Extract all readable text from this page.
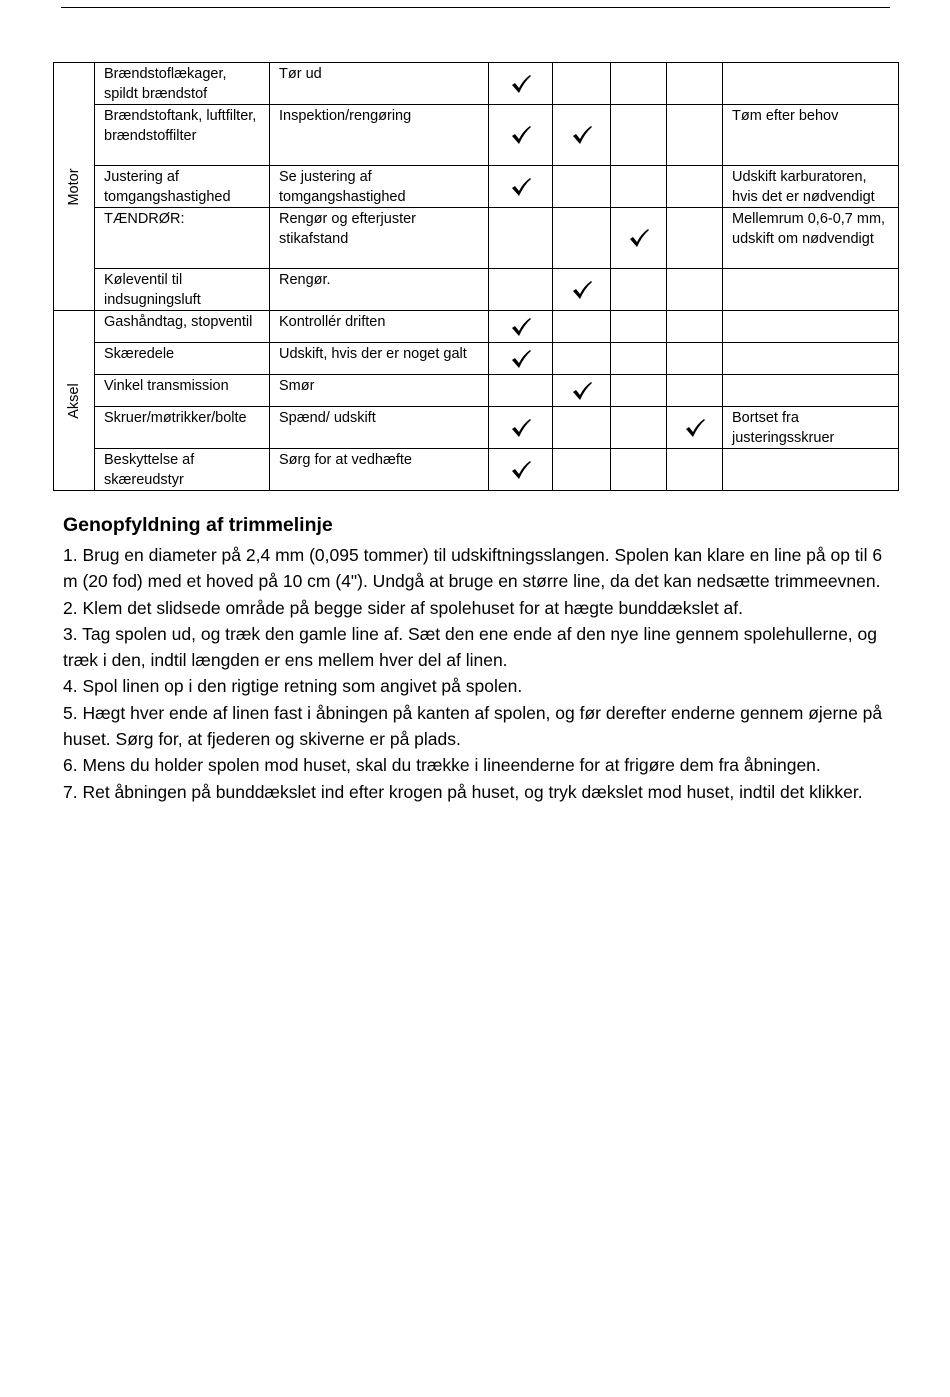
Motor	Brændstoflækager, spildt brændstof	Tør ud	

	Brændstoftank, luftfilter, brændstoffilter	Inspektion/rengøring					Tøm efter behov
	Justering af tomgangshastighed	Se justering af tomgangshastighed					Udskift karburatoren, hvis det er nødvendigt
	TÆNDRØR:	Rengør og efterjuster stikafstand					Mellemrum 0,6-0,7 mm, udskift om nødvendigt
	Køleventil til indsugningsluft	Rengør.		

Aksel	Gashåndtag, stopventil	Kontrollér driften	

	Skæredele	Udskift, hvis der er noget galt	

	Vinkel transmission	Smør		

	Skruer/møtrikker/bolte	Spænd/ udskift					Bortset fra justeringsskruer
	Beskyttelse af skæreudstyr	Sørg for at vedhæfte	

Genopfyldning af trimmelinje

1. Brug en diameter på 2,4 mm (0,095 tommer) til udskiftningsslangen. Spolen kan klare en line på op til 6 m (20 fod) med et hoved på 10 cm (4"). Undgå at bruge en større line, da det kan nedsætte trimmeevnen.

2. Klem det slidsede område på begge sider af spolehuset for at hægte bunddækslet af.

3. Tag spolen ud, og træk den gamle line af. Sæt den ene ende af den nye line gennem spolehullerne, og træk i den, indtil længden er ens mellem hver del af linen.

4. Spol linen op i den rigtige retning som angivet på spolen.

5. Hægt hver ende af linen fast i åbningen på kanten af spolen, og før derefter enderne gennem øjerne på huset. Sørg for, at fjederen og skiverne er på plads.

6. Mens du holder spolen mod huset, skal du trække i lineenderne for at frigøre dem fra åbningen.

7. Ret åbningen på bunddækslet ind efter krogen på huset, og tryk dækslet mod huset, indtil det klikker.
